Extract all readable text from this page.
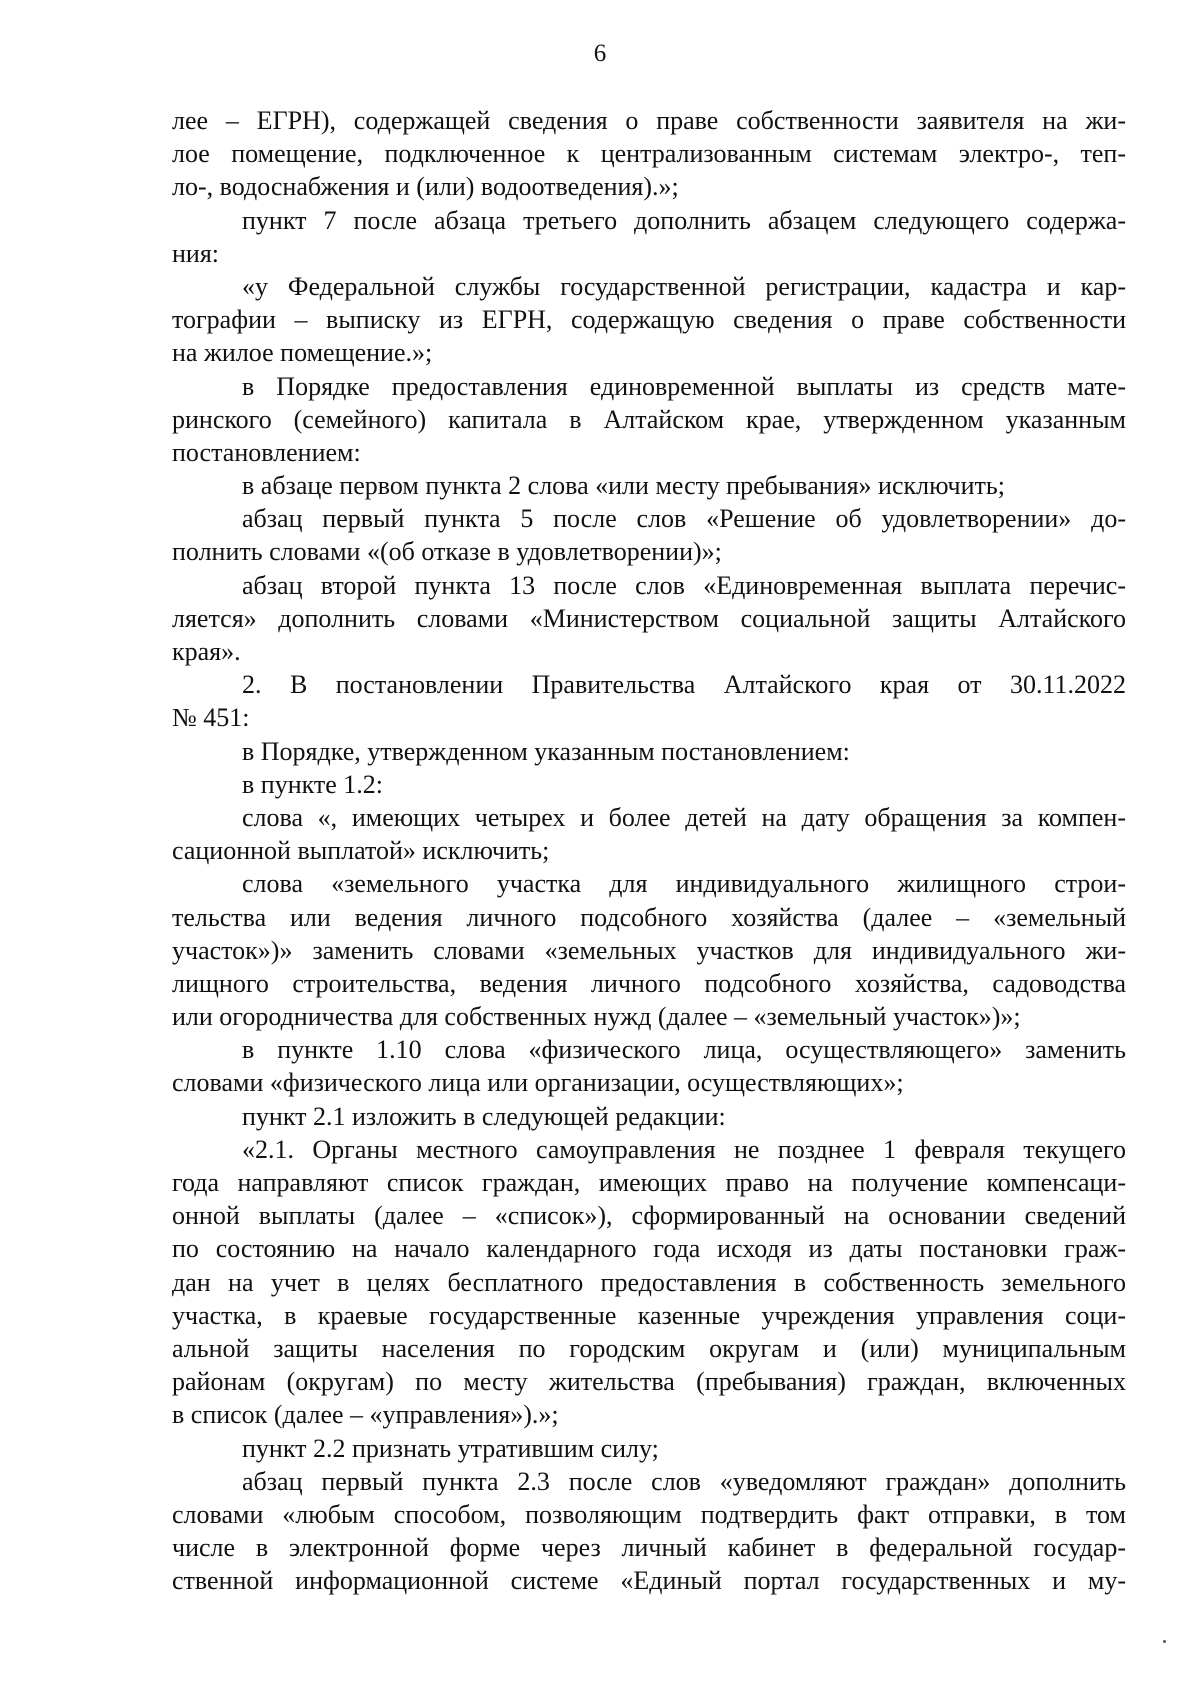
6
лее – ЕГРН), содержащей сведения о праве собственности заявителя на жи-
лое помещение, подключенное к централизованным системам электро-, теп-
ло-, водоснабжения и (или) водоотведения).»;
пункт 7 после абзаца третьего дополнить абзацем следующего содержа-
ния:
«у Федеральной службы государственной регистрации, кадастра и кар-
тографии – выписку из ЕГРН, содержащую сведения о праве собственности
на жилое помещение.»;
в Порядке предоставления единовременной выплаты из средств мате-
ринского (семейного) капитала в Алтайском крае, утвержденном указанным
постановлением:
в абзаце первом пункта 2 слова «или месту пребывания» исключить;
абзац первый пункта 5 после слов «Решение об удовлетворении» до-
полнить словами «(об отказе в удовлетворении)»;
абзац второй пункта 13 после слов «Единовременная выплата перечис-
ляется» дополнить словами «Министерством социальной защиты Алтайского
края».
2. В постановлении Правительства Алтайского края от 30.11.2022
№ 451:
в Порядке, утвержденном указанным постановлением:
в пункте 1.2:
слова «, имеющих четырех и более детей на дату обращения за компен-
сационной выплатой» исключить;
слова «земельного участка для индивидуального жилищного строи-
тельства или ведения личного подсобного хозяйства (далее – «земельный
участок»)» заменить словами «земельных участков для индивидуального жи-
лищного строительства, ведения личного подсобного хозяйства, садоводства
или огородничества для собственных нужд (далее – «земельный участок»)»;
в пункте 1.10 слова «физического лица, осуществляющего» заменить
словами «физического лица или организации, осуществляющих»;
пункт 2.1 изложить в следующей редакции:
«2.1. Органы местного самоуправления не позднее 1 февраля текущего
года направляют список граждан, имеющих право на получение компенсаци-
онной выплаты (далее – «список»), сформированный на основании сведений
по состоянию на начало календарного года исходя из даты постановки граж-
дан на учет в целях бесплатного предоставления в собственность земельного
участка, в краевые государственные казенные учреждения управления соци-
альной защиты населения по городским округам и (или) муниципальным
районам (округам) по месту жительства (пребывания) граждан, включенных
в список (далее – «управления»).»;
пункт 2.2 признать утратившим силу;
абзац первый пункта 2.3 после слов «уведомляют граждан» дополнить
словами «любым способом, позволяющим подтвердить факт отправки, в том
числе в электронной форме через личный кабинет в федеральной государ-
ственной информационной системе «Единый портал государственных и му-
